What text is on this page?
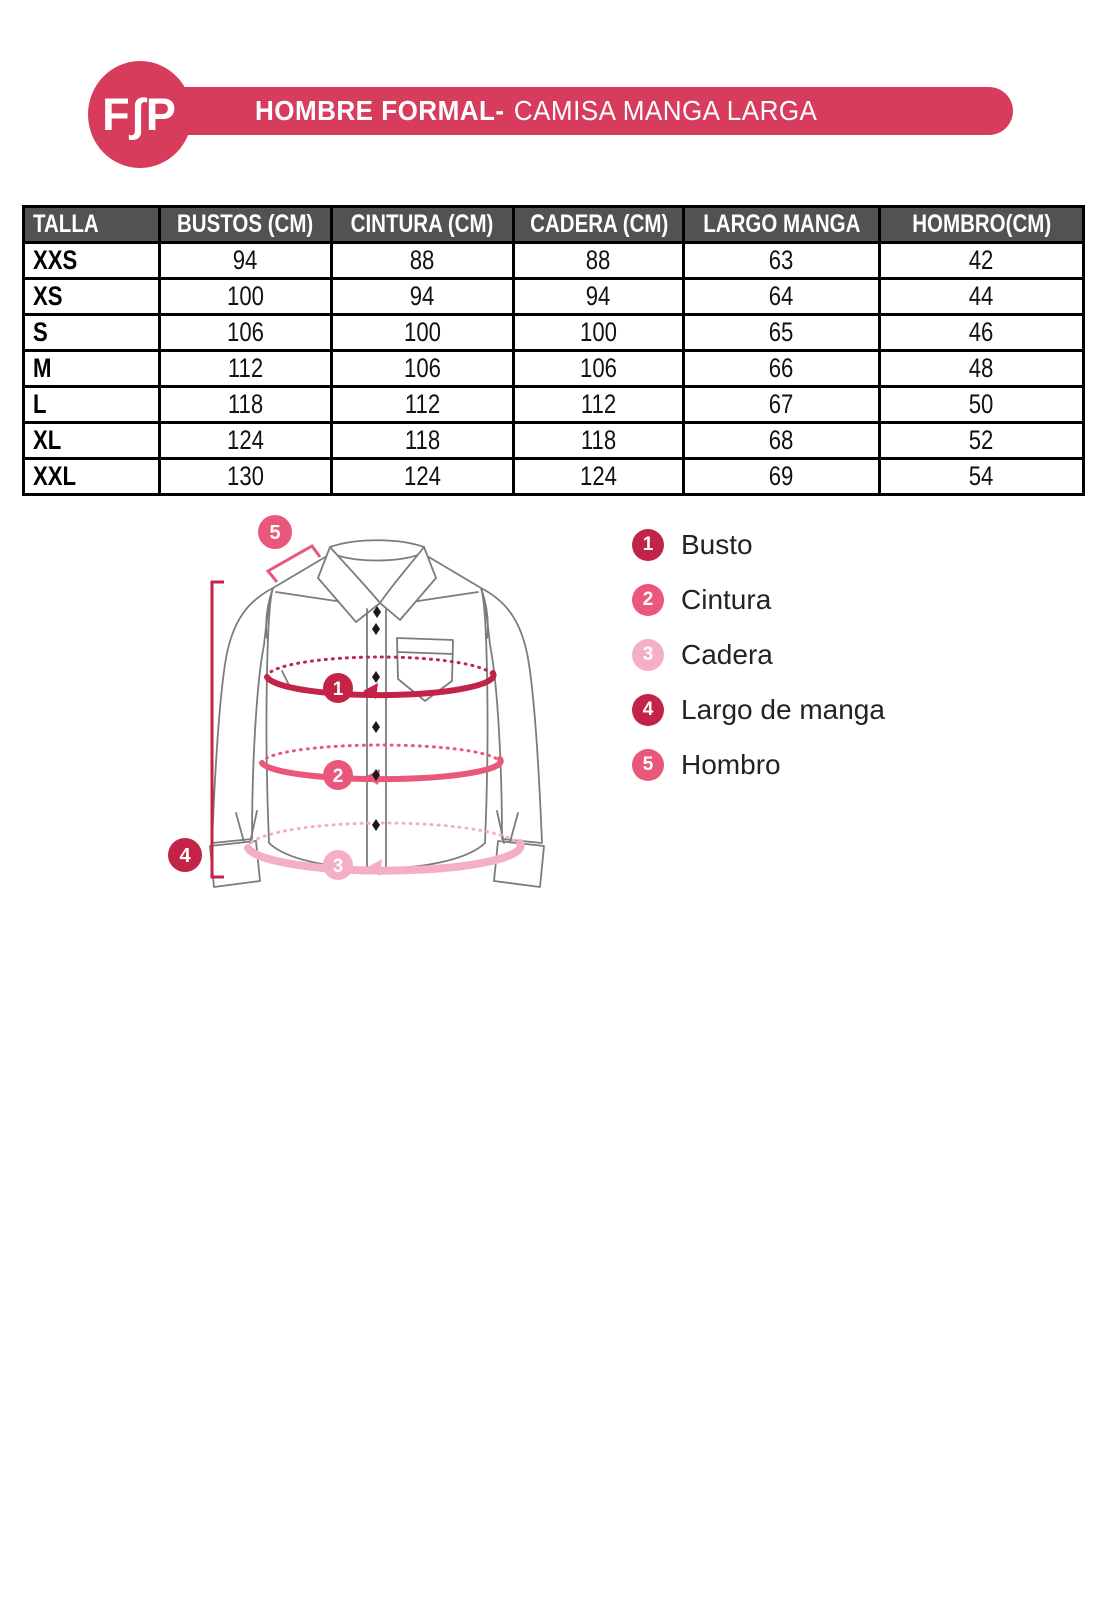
HOMBRE FORMAL- CAMISA MANGA LARGA
F∫P
TALLA	BUSTOS (CM)	CINTURA (CM)	CADERA (CM)	LARGO MANGA	HOMBRO(CM)
XXS	94	88	88	63	42
XS	100	94	94	64	44
S	106	100	100	65	46
M	112	106	106	66	48
L	118	112	112	67	50
XL	124	118	118	68	52
XXL	130	124	124	69	54
1
2
3
4
5
1 Busto
2 Cintura
3 Cadera
4 Largo de manga
5 Hombro
